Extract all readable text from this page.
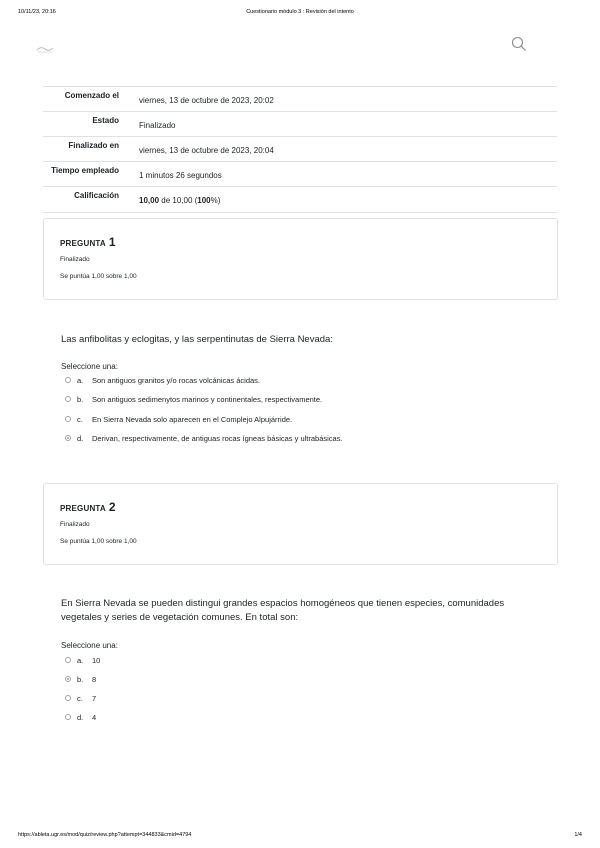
10/11/23, 20:16	Cuestionario módulo 3 : Revisión del intento
Comenzado el
viernes, 13 de octubre de 2023, 20:02
Estado
Finalizado
Finalizado en
viernes, 13 de octubre de 2023, 20:04
Tiempo empleado
1 minutos 26 segundos
Calificación
10,00 de 10,00 (100%)
PREGUNTA 1
Finalizado
Se puntúa 1,00 sobre 1,00
Las anfibolitas y eclogitas, y las serpentinutas de Sierra Nevada:
Seleccione una:
a.	Son antiguos granitos y/o rocas volcánicas ácidas.
b.	Son antiguos sedimenytos marinos y continentales, respectivamente.
c.	En Sierra Nevada solo aparecen en el Complejo Alpujárride.
d.	Derivan, respectivamente, de antiguas rocas ígneas básicas y ultrabásicas.
PREGUNTA 2
Finalizado
Se puntúa 1,00 sobre 1,00
En Sierra Nevada se pueden distingui grandes espacios homogéneos que tienen especies, comunidades vegetales y series de vegetación comunes. En total son:
Seleccione una:
a.	10
b.	8
c.	7
d.	4
https://ableta.ugr.es/mod/quiz/review.php?attempt=344833&cmid=4794	1/4
